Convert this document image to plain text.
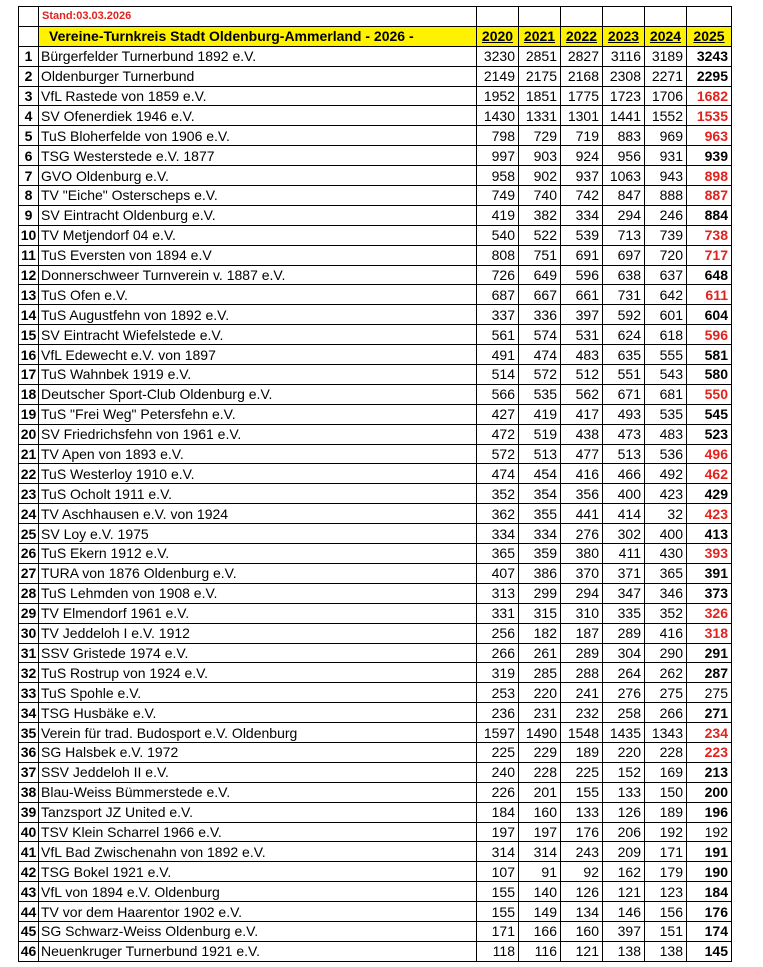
	Stand:03.03.2026						
	Vereine-Turnkreis Stadt Oldenburg-Ammerland - 2026 -	2020	2021	2022	2023	2024	2025
1	Bürgerfelder Turnerbund 1892 e.V.	3230	2851	2827	3116	3189	3243
2	Oldenburger Turnerbund	2149	2175	2168	2308	2271	2295
3	VfL Rastede von 1859 e.V.	1952	1851	1775	1723	1706	1682
4	SV Ofenerdiek 1946 e.V.	1430	1331	1301	1441	1552	1535
5	TuS Bloherfelde von 1906 e.V.	798	729	719	883	969	963
6	TSG Westerstede e.V. 1877	997	903	924	956	931	939
7	GVO Oldenburg e.V.	958	902	937	1063	943	898
8	TV "Eiche" Osterscheps e.V.	749	740	742	847	888	887
9	SV Eintracht Oldenburg e.V.	419	382	334	294	246	884
10	TV Metjendorf 04 e.V.	540	522	539	713	739	738
11	TuS Eversten von 1894 e.V	808	751	691	697	720	717
12	Donnerschweer Turnverein v. 1887 e.V.	726	649	596	638	637	648
13	TuS Ofen e.V.	687	667	661	731	642	611
14	TuS Augustfehn von 1892 e.V.	337	336	397	592	601	604
15	SV Eintracht Wiefelstede e.V.	561	574	531	624	618	596
16	VfL Edewecht e.V. von 1897	491	474	483	635	555	581
17	TuS Wahnbek 1919 e.V.	514	572	512	551	543	580
18	Deutscher Sport-Club Oldenburg e.V.	566	535	562	671	681	550
19	TuS "Frei Weg" Petersfehn e.V.	427	419	417	493	535	545
20	SV Friedrichsfehn von 1961 e.V.	472	519	438	473	483	523
21	TV Apen von 1893 e.V.	572	513	477	513	536	496
22	TuS Westerloy 1910 e.V.	474	454	416	466	492	462
23	TuS Ocholt 1911 e.V.	352	354	356	400	423	429
24	TV Aschhausen e.V. von 1924	362	355	441	414	32	423
25	SV Loy e.V. 1975	334	334	276	302	400	413
26	TuS Ekern 1912 e.V.	365	359	380	411	430	393
27	TURA von 1876 Oldenburg e.V.	407	386	370	371	365	391
28	TuS Lehmden von 1908 e.V.	313	299	294	347	346	373
29	TV Elmendorf 1961 e.V.	331	315	310	335	352	326
30	TV Jeddeloh I e.V. 1912	256	182	187	289	416	318
31	SSV Gristede 1974 e.V.	266	261	289	304	290	291
32	TuS Rostrup von 1924 e.V.	319	285	288	264	262	287
33	TuS Spohle e.V.	253	220	241	276	275	275
34	TSG Husbäke e.V.	236	231	232	258	266	271
35	Verein für trad. Budosport e.V. Oldenburg	1597	1490	1548	1435	1343	234
36	SG Halsbek e.V. 1972	225	229	189	220	228	223
37	SSV Jeddeloh II e.V.	240	228	225	152	169	213
38	Blau-Weiss Bümmerstede e.V.	226	201	155	133	150	200
39	Tanzsport JZ United e.V.	184	160	133	126	189	196
40	TSV Klein Scharrel 1966 e.V.	197	197	176	206	192	192
41	VfL Bad Zwischenahn von 1892 e.V.	314	314	243	209	171	191
42	TSG Bokel 1921 e.V.	107	91	92	162	179	190
43	VfL von 1894 e.V. Oldenburg	155	140	126	121	123	184
44	TV vor dem Haarentor 1902 e.V.	155	149	134	146	156	176
45	SG Schwarz-Weiss Oldenburg e.V.	171	166	160	397	151	174
46	Neuenkruger Turnerbund 1921 e.V.	118	116	121	138	138	145
